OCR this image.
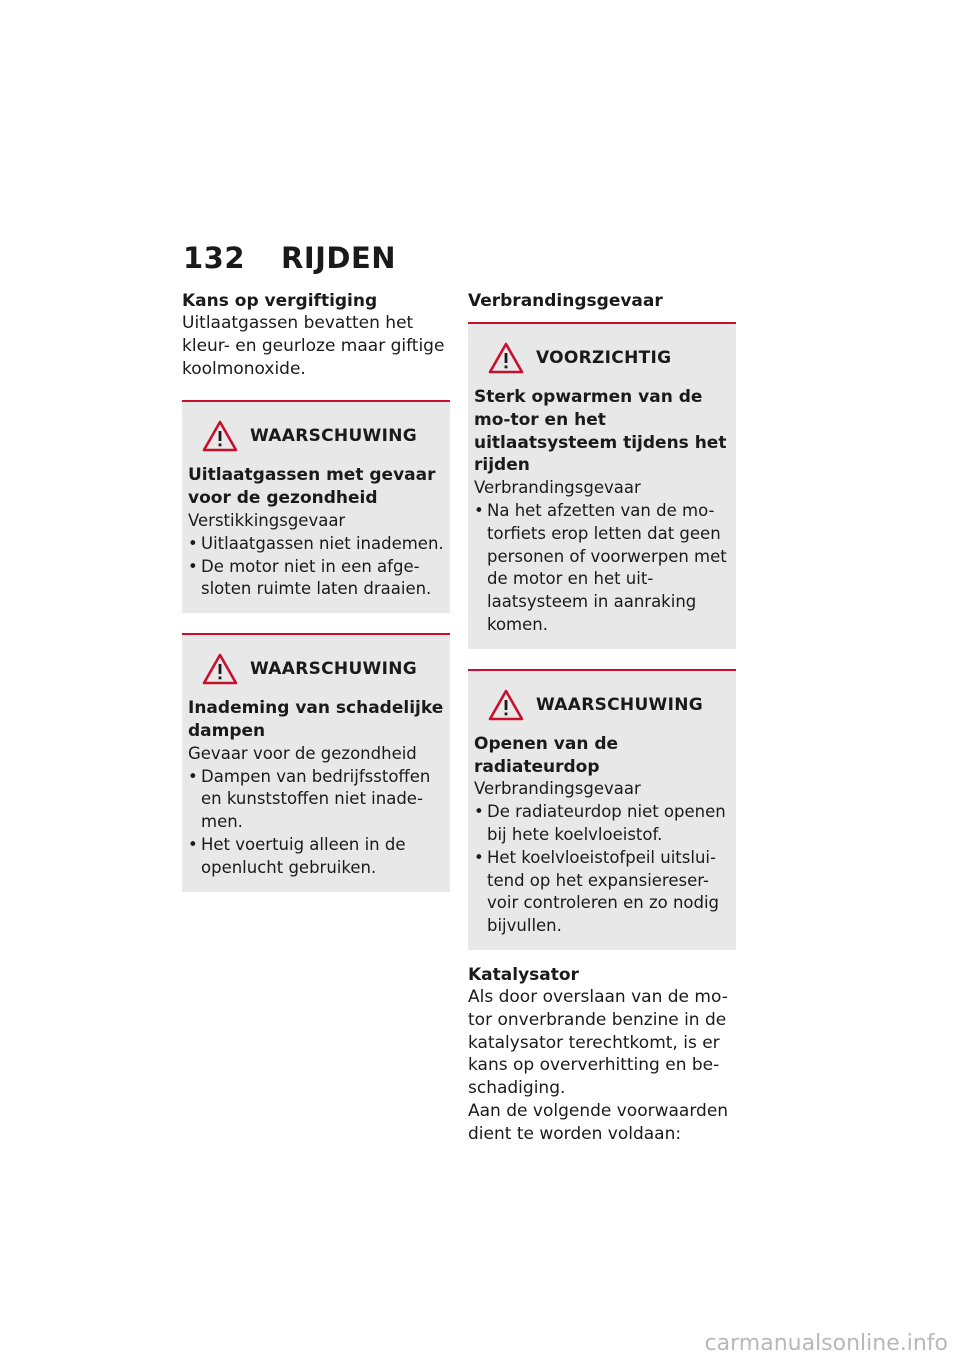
132 RIJDEN
Kans op vergiftiging
Uitlaatgassen bevatten het kleur- en geurloze maar giftige koolmonoxide.
WAARSCHUWING
Uitlaatgassen met gevaar voor de gezondheid
Verstikkingsgevaar
• Uitlaatgassen niet inademen.
• De motor niet in een afge-sloten ruimte laten draaien.
WAARSCHUWING
Inademing van schadelijke dampen
Gevaar voor de gezondheid
• Dampen van bedrijfsstoffen en kunststoffen niet inade-men.
• Het voertuig alleen in de openlucht gebruiken.
Verbrandingsgevaar
VOORZICHTIG
Sterk opwarmen van de mo-tor en het uitlaatsysteem tijdens het rijden
Verbrandingsgevaar
• Na het afzetten van de mo-torfiets erop letten dat geen personen of voorwerpen met de motor en het uit-laatsysteem in aanraking komen.
WAARSCHUWING
Openen van de radiateurdop
Verbrandingsgevaar
• De radiateurdop niet openen bij hete koelvloeistof.
• Het koelvloeistofpeil uitslui-tend op het expansiereser-voir controleren en zo nodig bijvullen.
Katalysator
Als door overslaan van de mo-tor onverbrande benzine in de katalysator terechtkomt, is er kans op oververhitting en be-schadiging.
Aan de volgende voorwaarden dient te worden voldaan:
carmanualsonline.info
